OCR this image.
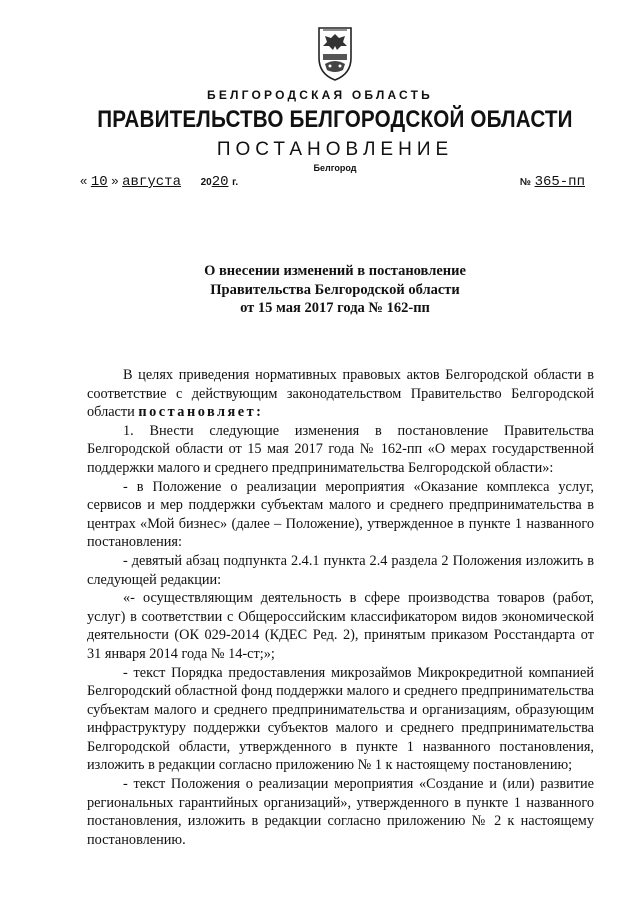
БЕЛГОРОДСКАЯ ОБЛАСТЬ
ПРАВИТЕЛЬСТВО БЕЛГОРОДСКОЙ ОБЛАСТИ
ПОСТАНОВЛЕНИЕ
Белгород
« 10 » августа 2020 г.	№ 365-пп
О внесении изменений в постановление
Правительства Белгородской области
от 15 мая 2017 года № 162-пп

В целях приведения нормативных правовых актов Белгородской области в соответствие с действующим законодательством Правительство Белгородской области постановляет:

1. Внести следующие изменения в постановление Правительства Белгородской области от 15 мая 2017 года № 162-пп «О мерах государственной поддержки малого и среднего предпринимательства Белгородской области»:

- в Положение о реализации мероприятия «Оказание комплекса услуг, сервисов и мер поддержки субъектам малого и среднего предпринимательства в центрах «Мой бизнес» (далее – Положение), утвержденное в пункте 1 названного постановления:

- девятый абзац подпункта 2.4.1 пункта 2.4 раздела 2 Положения изложить в следующей редакции:

«- осуществляющим деятельность в сфере производства товаров (работ, услуг) в соответствии с Общероссийским классификатором видов экономической деятельности (ОК 029-2014 (КДЕС Ред. 2), принятым приказом Росстандарта от 31 января 2014 года № 14-ст;»;

- текст Порядка предоставления микрозаймов Микрокредитной компанией Белгородский областной фонд поддержки малого и среднего предпринимательства субъектам малого и среднего предпринимательства и организациям, образующим инфраструктуру поддержки субъектов малого и среднего предпринимательства Белгородской области, утвержденного в пункте 1 названного постановления, изложить в редакции согласно приложению № 1 к настоящему постановлению;

- текст Положения о реализации мероприятия «Создание и (или) развитие региональных гарантийных организаций», утвержденного в пункте 1 названного постановления, изложить в редакции согласно приложению № 2 к настоящему постановлению.
